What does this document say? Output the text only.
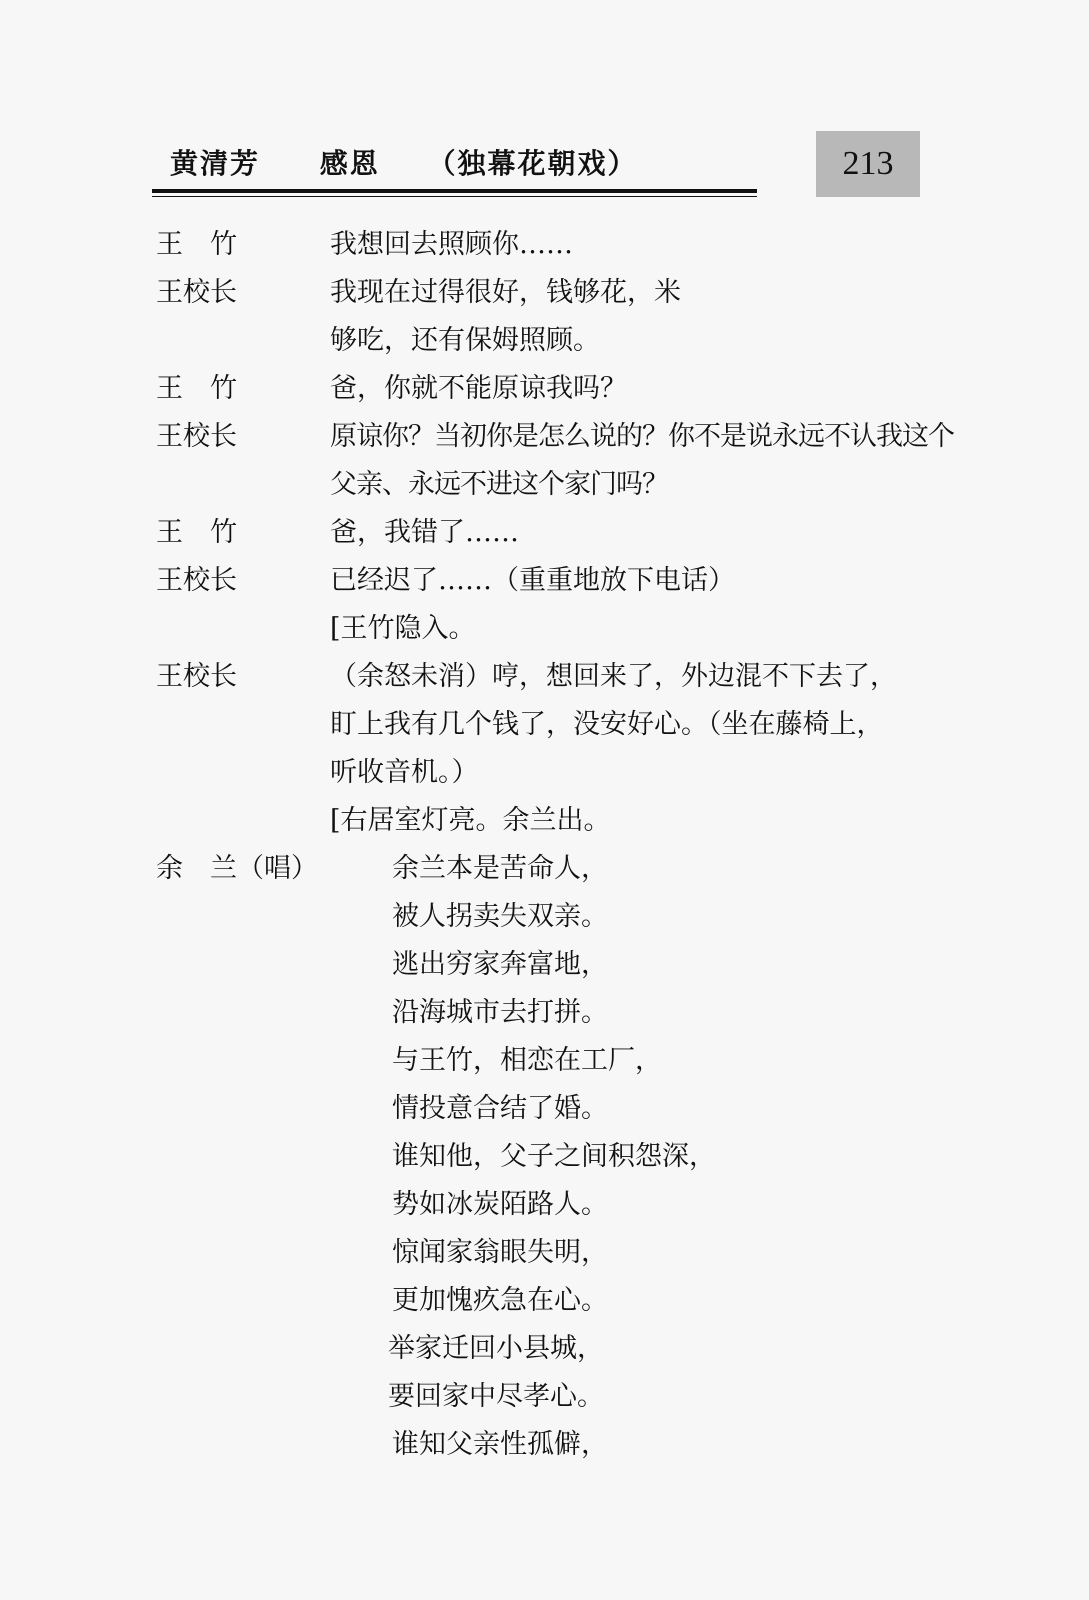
黄清芳 感恩 （独幕花朝戏）	213
王　竹	我想回去照顾你……
王校长	我现在过得很好，钱够花，米
够吃，还有保姆照顾。
王　竹	爸，你就不能原谅我吗？
王校长	原谅你？当初你是怎么说的？你不是说永远不认我这个
父亲、永远不进这个家门吗？
王　竹	爸，我错了……
王校长	已经迟了……（重重地放下电话）
[王竹隐入。
王校长	（余怒未消）哼，想回来了，外边混不下去了，
盯上我有几个钱了，没安好心。（坐在藤椅上，
听收音机。）
[右居室灯亮。余兰出。
余　兰（唱）	余兰本是苦命人，
被人拐卖失双亲。
逃出穷家奔富地，
沿海城市去打拼。
与王竹，相恋在工厂，
情投意合结了婚。
谁知他，父子之间积怨深，
势如冰炭陌路人。
惊闻家翁眼失明，
更加愧疚急在心。
举家迁回小县城，
要回家中尽孝心。
谁知父亲性孤僻，
